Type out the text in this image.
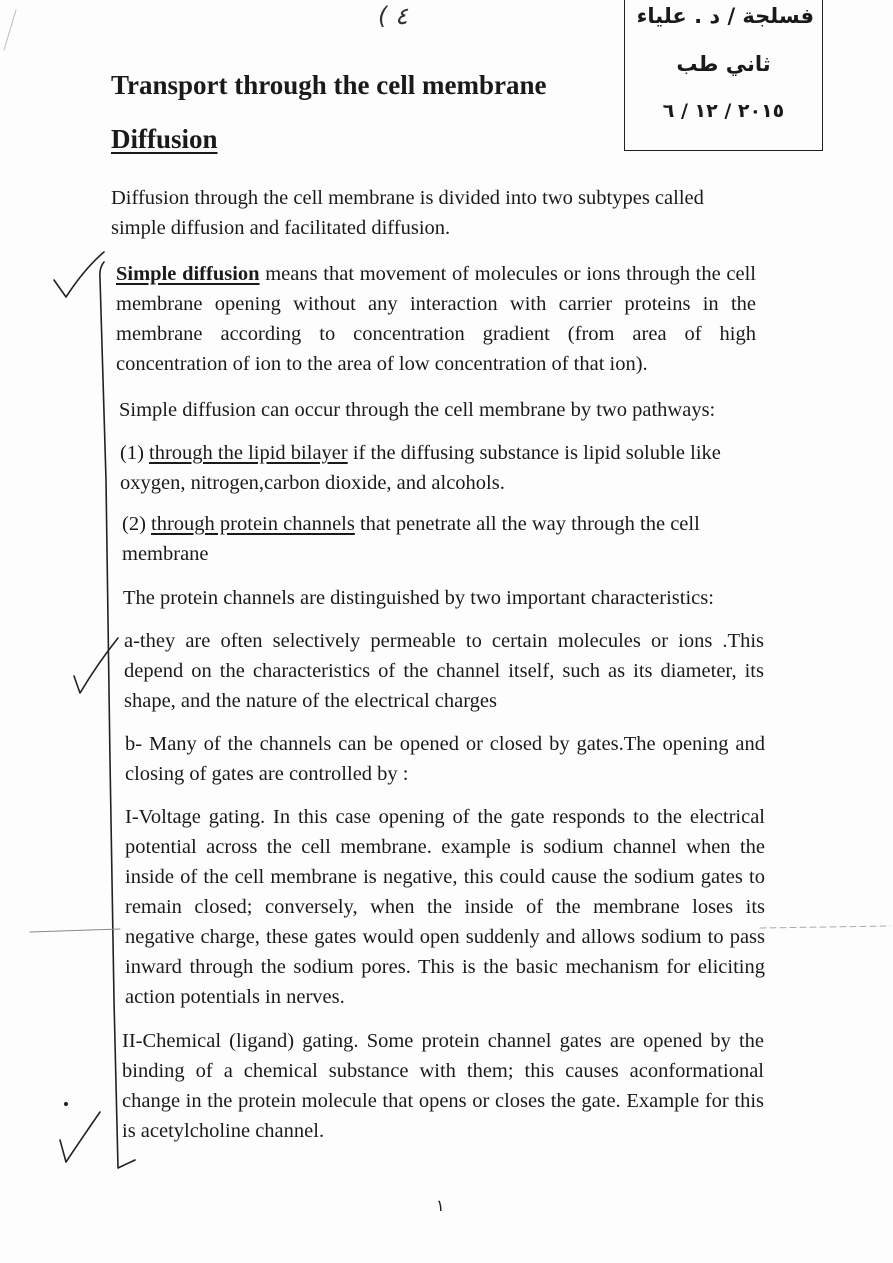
فسلجة / د . علياء
ثاني طب
٢٠١٥ / ١٢ / ٦
( ٤
Transport through the cell membrane
Diffusion
Diffusion through the cell membrane is divided into two subtypes called simple diffusion and facilitated diffusion.
Simple diffusion means that movement of molecules or ions through the cell membrane opening without any interaction with carrier proteins in the membrane according to concentration gradient (from area of high concentration of ion to the area of low concentration of that ion).
Simple diffusion can occur through the cell membrane by two pathways:
(1) through the lipid bilayer if the diffusing substance is lipid soluble like oxygen, nitrogen,carbon dioxide, and alcohols.
(2) through protein channels that penetrate all the way through the cell membrane
The protein channels are distinguished by two important characteristics:
a-they are often selectively permeable to certain molecules or ions .This depend on the characteristics of the channel itself, such as its diameter, its shape, and the nature of the electrical charges
b- Many of the channels can be opened or closed by gates.The opening and closing of gates are controlled by :
I-Voltage gating. In this case opening of the gate responds to the electrical potential across the cell membrane. example is sodium channel when the inside of the cell membrane is negative, this could cause the sodium gates to remain closed; conversely, when the inside of the membrane loses its negative charge, these gates would open suddenly and allows sodium to pass inward through the sodium pores. This is the basic mechanism for eliciting action potentials in nerves.
II-Chemical (ligand) gating. Some protein channel gates are opened by the binding of a chemical substance with them; this causes aconformational change in the protein molecule that opens or closes the gate. Example for this is acetylcholine channel.
١
